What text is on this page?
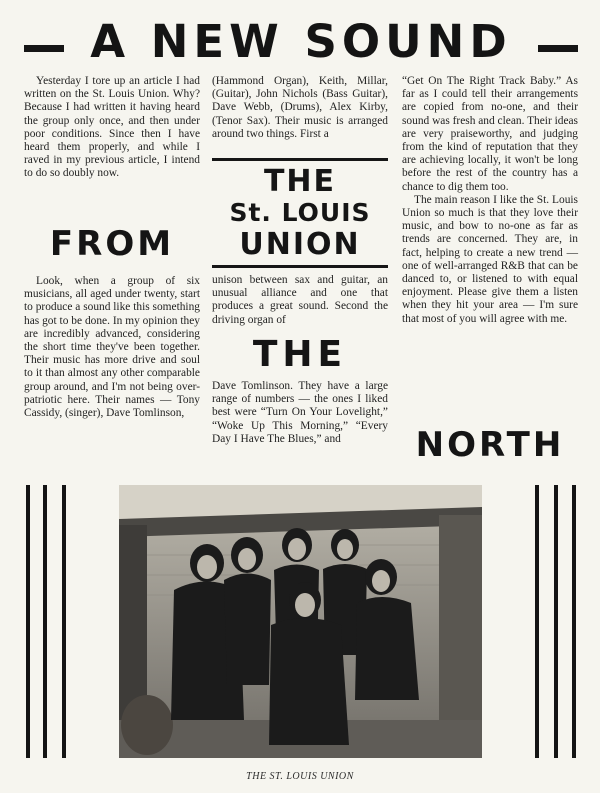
A NEW SOUND

Yesterday I tore up an article I had written on the St. Louis Union. Why? Because I had written it having heard the group only once, and then under poor conditions. Since then I have heard them properly, and while I raved in my previous article, I intend to do so doubly now.

FROM

Look, when a group of six musicians, all aged under twenty, start to produce a sound like this something has got to be done. In my opinion they are incredibly advanced, considering the short time they've been together. Their music has more drive and soul to it than almost any other comparable group around, and I'm not being over-patriotic here. Their names — Tony Cassidy, (singer), Dave Tomlinson,

(Hammond Organ), Keith, Millar, (Guitar), John Nichols (Bass Guitar), Dave Webb, (Drums), Alex Kirby, (Tenor Sax). Their music is arranged around two things. First a

THE
St. LOUIS
UNION

unison between sax and guitar, an unusual alliance and one that produces a great sound. Second the driving organ of

THE

Dave Tomlinson. They have a large range of numbers — the ones I liked best were “Turn On Your Lovelight,” “Woke Up This Morning,” “Every Day I Have The Blues,” and

“Get On The Right Track Baby.” As far as I could tell their arrangements are copied from no-one, and their sound was fresh and clean. Their ideas are very praiseworthy, and judging from the kind of reputation that they are achieving locally, it won't be long before the rest of the country has a chance to dig them too.

The main reason I like the St. Louis Union so much is that they love their music, and bow to no-one as far as trends are concerned. They are, in fact, helping to create a new trend — one of well-arranged R&B that can be danced to, or listened to with equal enjoyment. Please give them a listen when they hit your area — I'm sure that most of you will agree with me.

NORTH
THE ST. LOUIS UNION
